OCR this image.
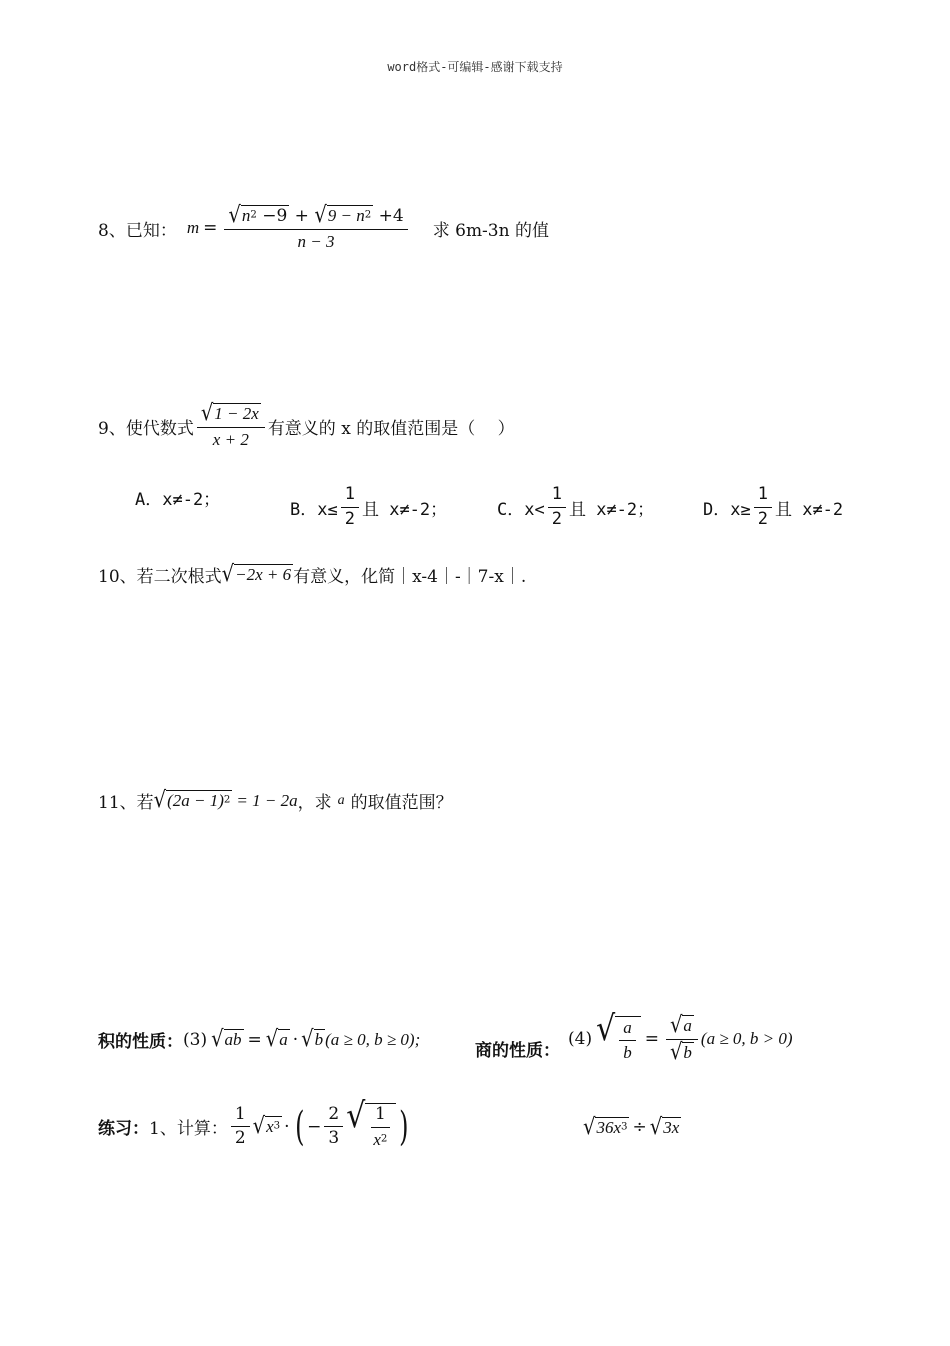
word格式-可编辑-感谢下载支持
8、已知： $m = \frac{√ n^2 -9 + √ 9 - n^2 +4}{n - 3}$ 求 6m-3n 的值
9、使代数式 $\frac{√ 1 - 2x}{x + 2}$ 有意义的 x 的取值范围是（　 ）
A．x≠-2；	B．$x\le \frac{1}{2}$ 且 x≠-2；	C．$x< \frac{1}{2}$ 且 x≠-2；	D．$x\ge \frac{1}{2}$ 且 x≠-2
10、若二次根式 √ −2x + 6 有意义，化简｜x-4｜-｜7-x｜.
11、若 √ $(2a - 1)^2 = 1 - 2a$ ，求 a 的取值范围？
积的性质： (3) √ ab = √ a · √ b (a ≥ 0, b ≥ 0);
商的性质：
(4) √ $\frac{a}{b} = \frac{√ a}{√ b} (a \ge 0$, b > 0)
练习： 1、计算： $\frac{1}{2}$ √ $x^3$ · ( − $\frac{2}{3}$ √ $\frac{1}{x^2}$ )	√ $36x^3$ ÷ √ 3x
